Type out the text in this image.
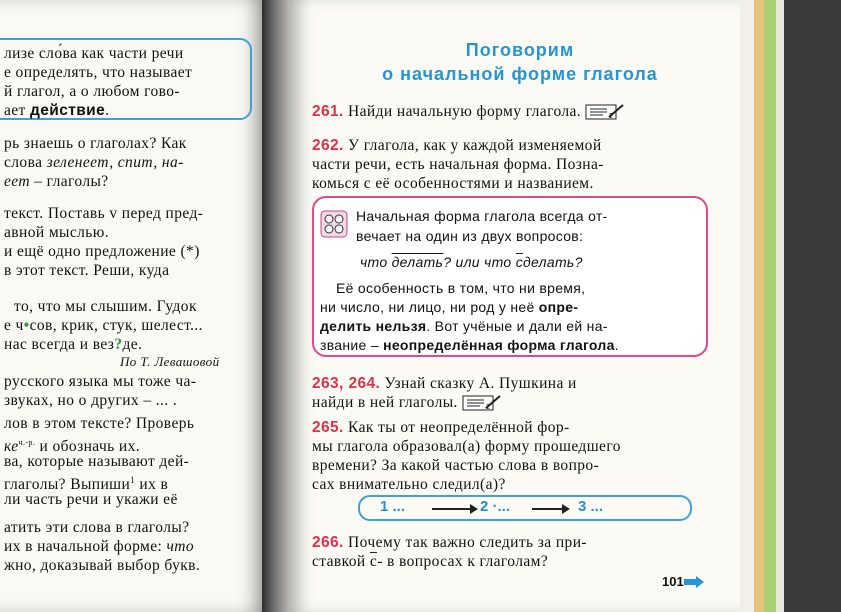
лизе сло́ва как части речи
е определять, что называет
й глагол, а о любом гово-
ает действие.
рь знаешь о глаголах? Как
слова зеленеет, спит, на-
еет – глаголы?
текст. Поставь v перед пред-
авной мыслью.
и ещё одно предложение (*)
в этот текст. Реши, куда
то, что мы слышим. Гудок
е ч•сов, крик, стук, шелест...
нас всегда и вез?де.
По Т. Левашовой
русского языка мы тоже ча-
звуках, но о других – ... .
лов в этом тексте? Проверь
$ке^{ч.-р.}$ и обозначь их.
ва, которые называют дей-
глаголы? Выпиши$^1$ их в
ли часть речи и укажи её
атить эти слова в глаголы?
их в начальной форме: что
жно, доказывай выбор букв.
Поговорим
о начальной форме глагола
261. Найди начальную форму глагола.	2
262. У глагола, как у каждой изменяемой
части речи, есть начальная форма. Позна-
комься с её особенностями и названием.
Начальная форма глагола всегда от-
вечает на один из двух вопросов:
что делать? или что сделать?
Её особенность в том, что ни время,
ни число, ни лицо, ни род у неё опре-
делить нельзя. Вот учёные и дали ей на-
звание – неопределённая форма глагола.
263, 264. Узнай сказку А. Пушкина и
найди в ней глаголы.	2
265. Как ты от неопределённой фор-
мы глагола образовал(а) форму прошедшего
времени? За какой частью слова в вопро-
сах внимательно следил(а)?
1 ...	2 ·...	3 ...
266. Почему так важно следить за при-
ставкой с- в вопросах к глаголам?
101
